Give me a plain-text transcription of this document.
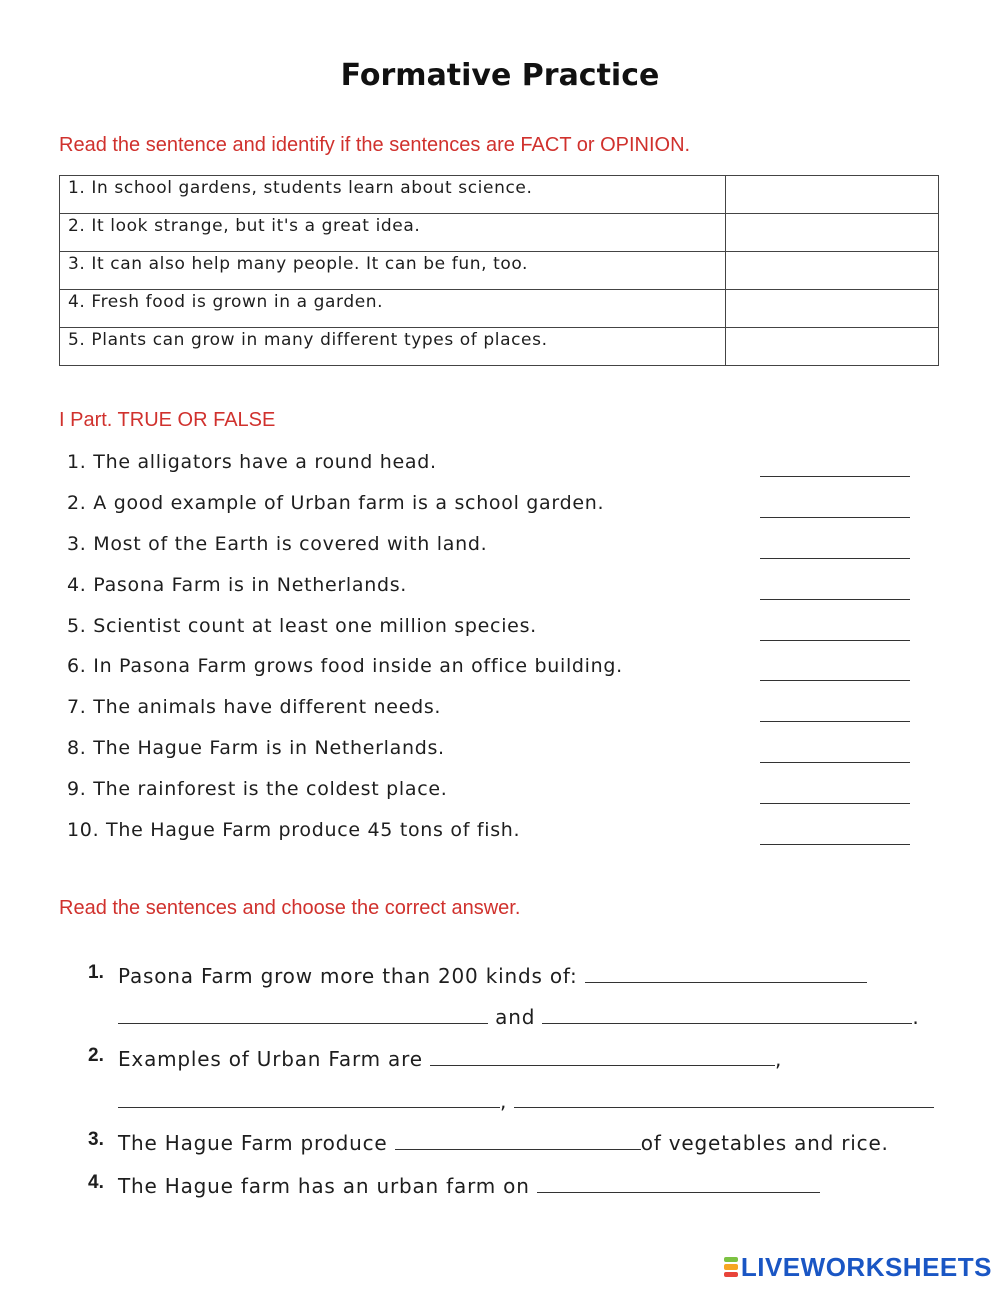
Formative Practice
Read the sentence and identify if the sentences are FACT or OPINION.
1. In school gardens, students learn about science.	
2. It look strange, but it's a great idea.	
3. It can also help many people. It can be fun, too.	
4. Fresh food is grown in a garden.	
5. Plants can grow in many different types of places.	
I Part. TRUE OR FALSE
1. The alligators have a round head.
2. A good example of Urban farm is a school garden.
3. Most of the Earth is covered with land.
4. Pasona Farm is in Netherlands.
5. Scientist count at least one million species.
6. In Pasona Farm grows food inside an office building.
7. The animals have different needs.
8. The Hague Farm is in Netherlands.
9. The rainforest is the coldest place.
10. The Hague Farm produce 45 tons of fish.
Read the sentences and choose the correct answer.
1. Pasona Farm grow more than 200 kinds of:
and	.
2. Examples of Urban Farm are	,
,
3. The Hague Farm produce	of vegetables and rice.
4. The Hague farm has an urban farm on
LIVEWORKSHEETS
